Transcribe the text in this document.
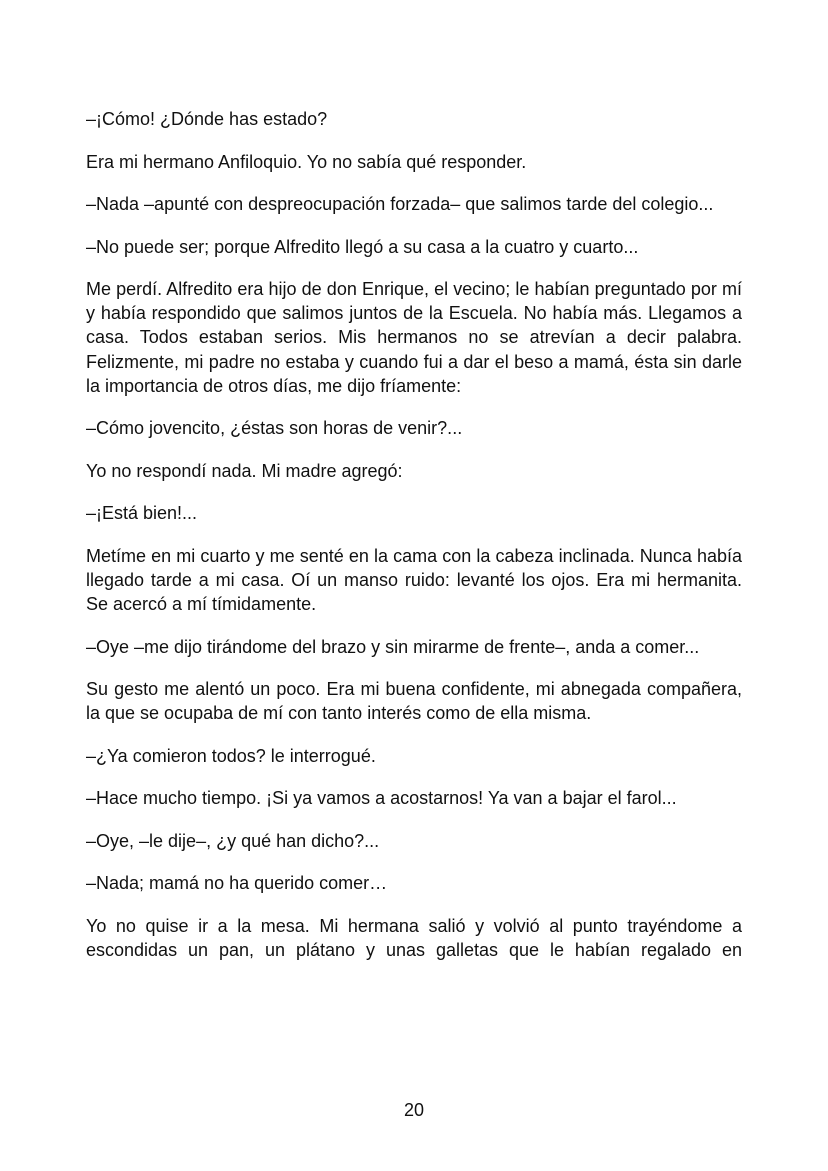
–¡Cómo! ¿Dónde has estado?

Era mi hermano Anfiloquio. Yo no sabía qué responder.

–Nada –apunté con despreocupación forzada– que salimos tarde del colegio...

–No puede ser; porque Alfredito llegó a su casa a la cuatro y cuarto...

Me perdí. Alfredito era hijo de don Enrique, el vecino; le habían preguntado por mí y había respondido que salimos juntos de la Escuela. No había más. Llegamos a casa. Todos estaban serios. Mis hermanos no se atrevían a decir palabra. Felizmente, mi padre no estaba y cuando fui a dar el beso a mamá, ésta sin darle la importancia de otros días, me dijo fríamente:

–Cómo jovencito, ¿éstas son horas de venir?...

Yo no respondí nada. Mi madre agregó:

–¡Está bien!...

Metíme en mi cuarto y me senté en la cama con la cabeza inclinada. Nunca había llegado tarde a mi casa. Oí un manso ruido: levanté los ojos. Era mi hermanita. Se acercó a mí tímidamente.

–Oye –me dijo tirándome del brazo y sin mirarme de frente–, anda a comer...

Su gesto me alentó un poco. Era mi buena confidente, mi abnegada compañera, la que se ocupaba de mí con tanto interés como de ella misma.

–¿Ya comieron todos? le interrogué.

–Hace mucho tiempo. ¡Si ya vamos a acostarnos! Ya van a bajar el farol...

–Oye, –le dije–, ¿y qué han dicho?...

–Nada; mamá no ha querido comer…

Yo no quise ir a la mesa. Mi hermana salió y volvió al punto trayéndome a escondidas un pan, un plátano y unas galletas que le habían regalado en

20
